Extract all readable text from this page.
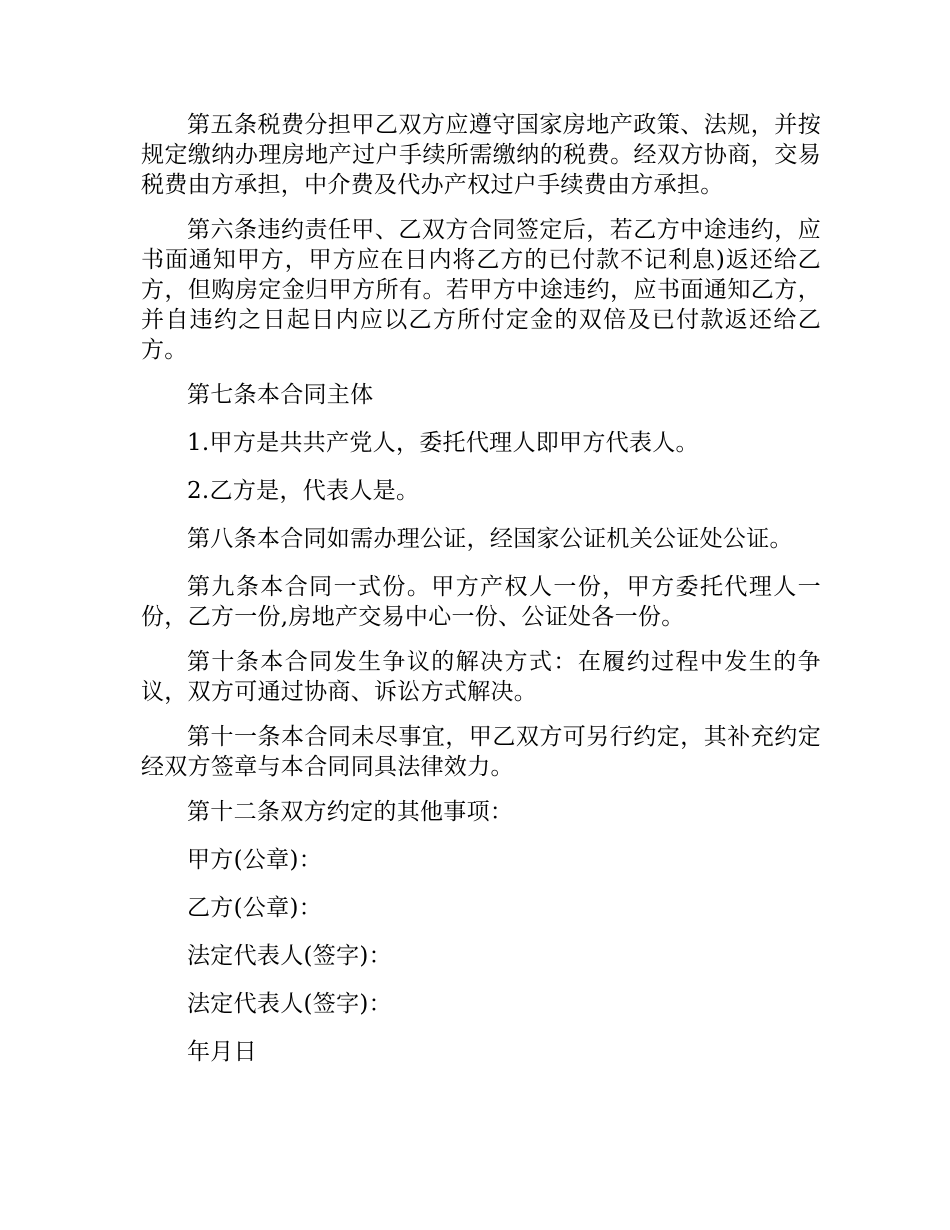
第五条税费分担甲乙双方应遵守国家房地产政策、法规，并按规定缴纳办理房地产过户手续所需缴纳的税费。经双方协商，交易税费由方承担，中介费及代办产权过户手续费由方承担。

第六条违约责任甲、乙双方合同签定后，若乙方中途违约，应书面通知甲方，甲方应在日内将乙方的已付款不记利息)返还给乙方，但购房定金归甲方所有。若甲方中途违约，应书面通知乙方，并自违约之日起日内应以乙方所付定金的双倍及已付款返还给乙方。

第七条本合同主体

1.甲方是共共产党人，委托代理人即甲方代表人。

2.乙方是，代表人是。

第八条本合同如需办理公证，经国家公证机关公证处公证。

第九条本合同一式份。甲方产权人一份，甲方委托代理人一份，乙方一份,房地产交易中心一份、公证处各一份。

第十条本合同发生争议的解决方式：在履约过程中发生的争议，双方可通过协商、诉讼方式解决。

第十一条本合同未尽事宜，甲乙双方可另行约定，其补充约定经双方签章与本合同同具法律效力。

第十二条双方约定的其他事项：

甲方(公章)：

乙方(公章)：

法定代表人(签字)：

法定代表人(签字)：

年月日
